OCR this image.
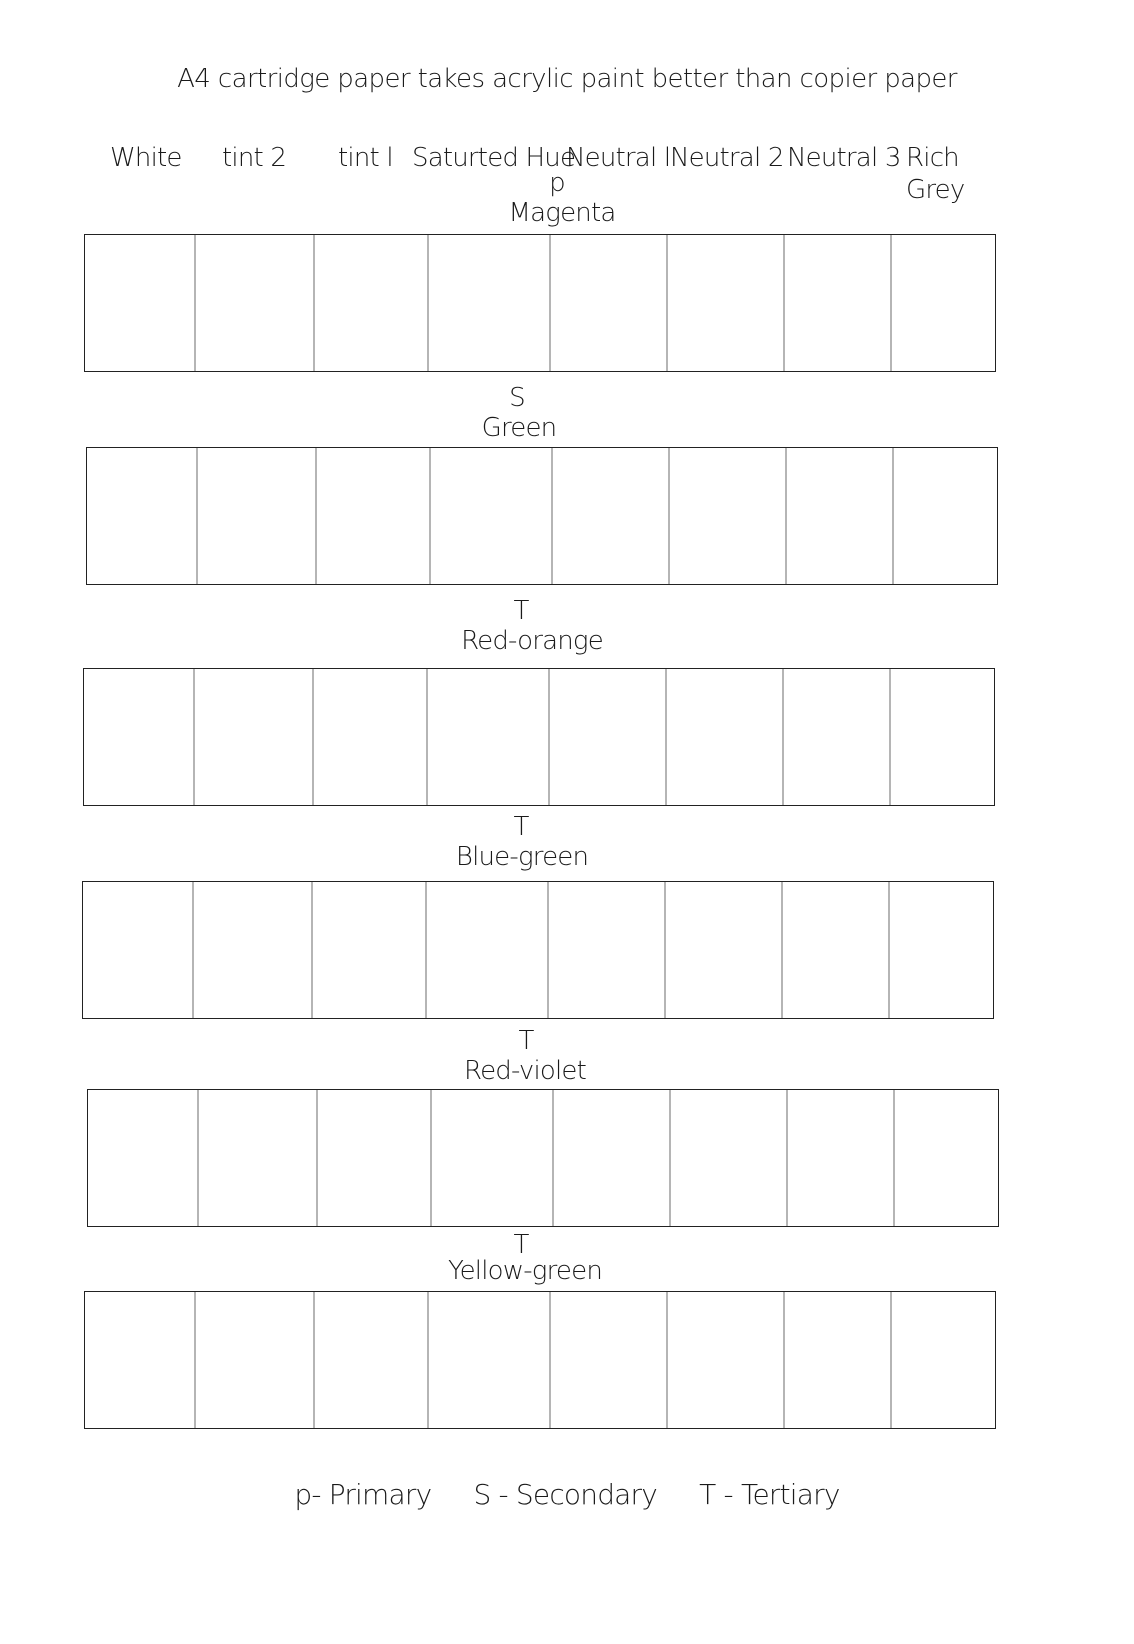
A4 cartridge paper takes acrylic paint better than copier paper
White tint 2 tint l Saturted Hue
Neutral l Neutral 2 Neutral 3 Rich Grey
p
Magenta
S
Green
T
Red-orange
T
Blue-green
T
Red-violet
T
Yellow-green
p- Primary S - Secondary T - Tertiary
